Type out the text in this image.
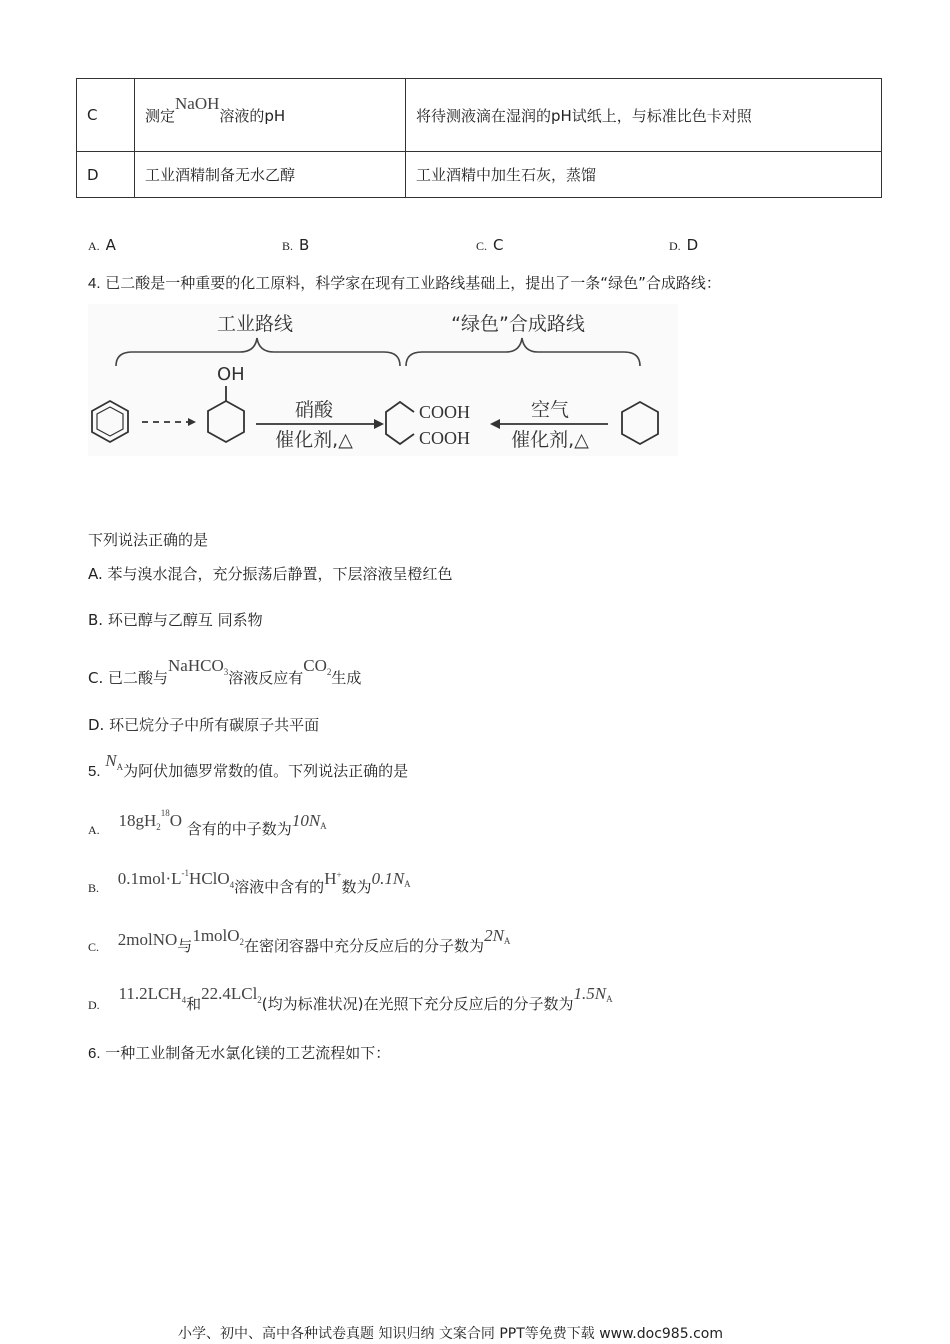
C	测定NaOH溶液的pH	将待测液滴在湿润的pH试纸上，与标准比色卡对照
D	工业酒精制备无水乙醇	工业酒精中加生石灰，蒸馏
A. A	B. B	C. C	D. D
4. 已二酸是一种重要的化工原料，科学家在现有工业路线基础上，提出了一条“绿色”合成路线：
工业路线	“绿色”合成路线
OH
硝酸
催化剂,△
COOH
COOH
空气
催化剂,△
下列说法正确的是
A. 苯与溴水混合，充分振荡后静置，下层溶液呈橙红色
B. 环已醇与乙醇互 同系物
C. 已二酸与NaHCO$^3$溶液反应有$CO^2$生成
D. 环已烷分子中所有碳原子共平面
5. $N^A$为阿伏加德罗常数的值。下列说法正确的是
A. $18gH^{218}O$ 含有的中子数为$10N^A$
B. $0.1mol\cdot L^{-1}HClO^4$溶液中含有的H+数为$0.1N^A$
C. 2molNO与1molO$^2$在密闭容器中充分反应后的分子数为$2N^A$
D. 11.2LCH$^4$和22.4LCl$^2$(均为标准状况)在光照下充分反应后的分子数为$1.5N^A$
6. 一种工业制备无水氯化镁的工艺流程如下：
小学、初中、高中各种试卷真题 知识归纳 文案合同 PPT等免费下载 www.doc985.com
